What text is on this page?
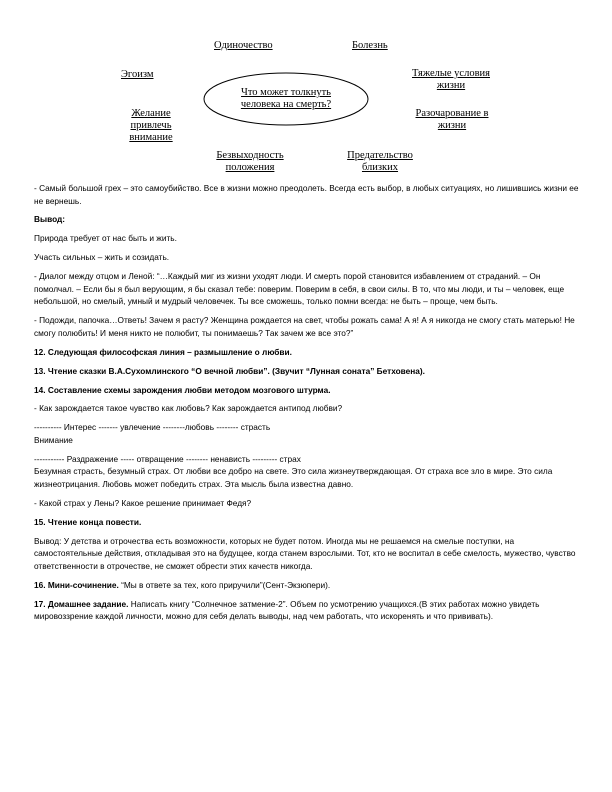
Что может толкнуть человека на смерть?
Одиночество	Болезнь
Эгоизм	Тяжелые условия жизни
Желание привлечь внимание
Разочарование в жизни
Безвыходность положения
Предательство близких

- Самый большой грех – это самоубийство. Все в жизни можно преодолеть. Всегда есть выбор, в любых ситуациях, но лишившись жизни ее не вернешь.

Вывод:

Природа требует от нас быть и жить.

Участь сильных – жить и созидать.

- Диалог между отцом и Леной: “…Каждый миг из жизни уходят люди. И смерть порой становится избавлением от страданий. – Он помолчал. – Если бы я был верующим, я бы сказал тебе: поверим. Поверим в себя, в свои силы. В то, что мы люди, и ты – человек, еще небольшой, но смелый, умный и мудрый человечек. Ты все сможешь, только помни всегда: не быть – проще, чем быть.

- Подожди, папочка…Ответь! Зачем я расту? Женщина рождается на свет, чтобы рожать сама! А я! А я никогда не смогу стать матерью! Не смогу полюбить! И меня никто не полюбит, ты понимаешь? Так зачем же все это?”

12. Следующая философская линия – размышление о любви.

13. Чтение сказки В.А.Сухомлинского “О вечной любви”. (Звучит “Лунная соната” Бетховена).

14. Составление схемы зарождения любви методом мозгового штурма.

- Как зарождается такое чувство как любовь? Как зарождается антипод любви?

---------- Интерес ------- увлечение --------любовь -------- страсть

Внимание

----------- Раздражение ----- отвращение -------- ненависть --------- страх

Безумная страсть, безумный страх. От любви все добро на свете. Это сила жизнеутверждающая. От страха все зло в мире. Это сила жизнеотрицания. Любовь может победить страх. Эта мысль была известна давно.

- Какой страх у Лены? Какое решение принимает Федя?

15. Чтение конца повести.

Вывод: У детства и отрочества есть возможности, которых не будет потом. Иногда мы не решаемся на смелые поступки, на самостоятельные действия, откладывая это на будущее, когда станем взрослыми. Тот, кто не воспитал в себе смелость, мужество, чувство ответственности в отрочестве, не сможет обрести этих качеств никогда.

16. Мини-сочинение. “Мы в ответе за тех, кого приручили”(Сент-Экзюпери).

17. Домашнее задание. Написать книгу “Солнечное затмение-2”. Объем по усмотрению учащихся.(В этих работах можно увидеть мировоззрение каждой личности, можно для себя делать выводы, над чем работать, что искоренять и что прививать).
